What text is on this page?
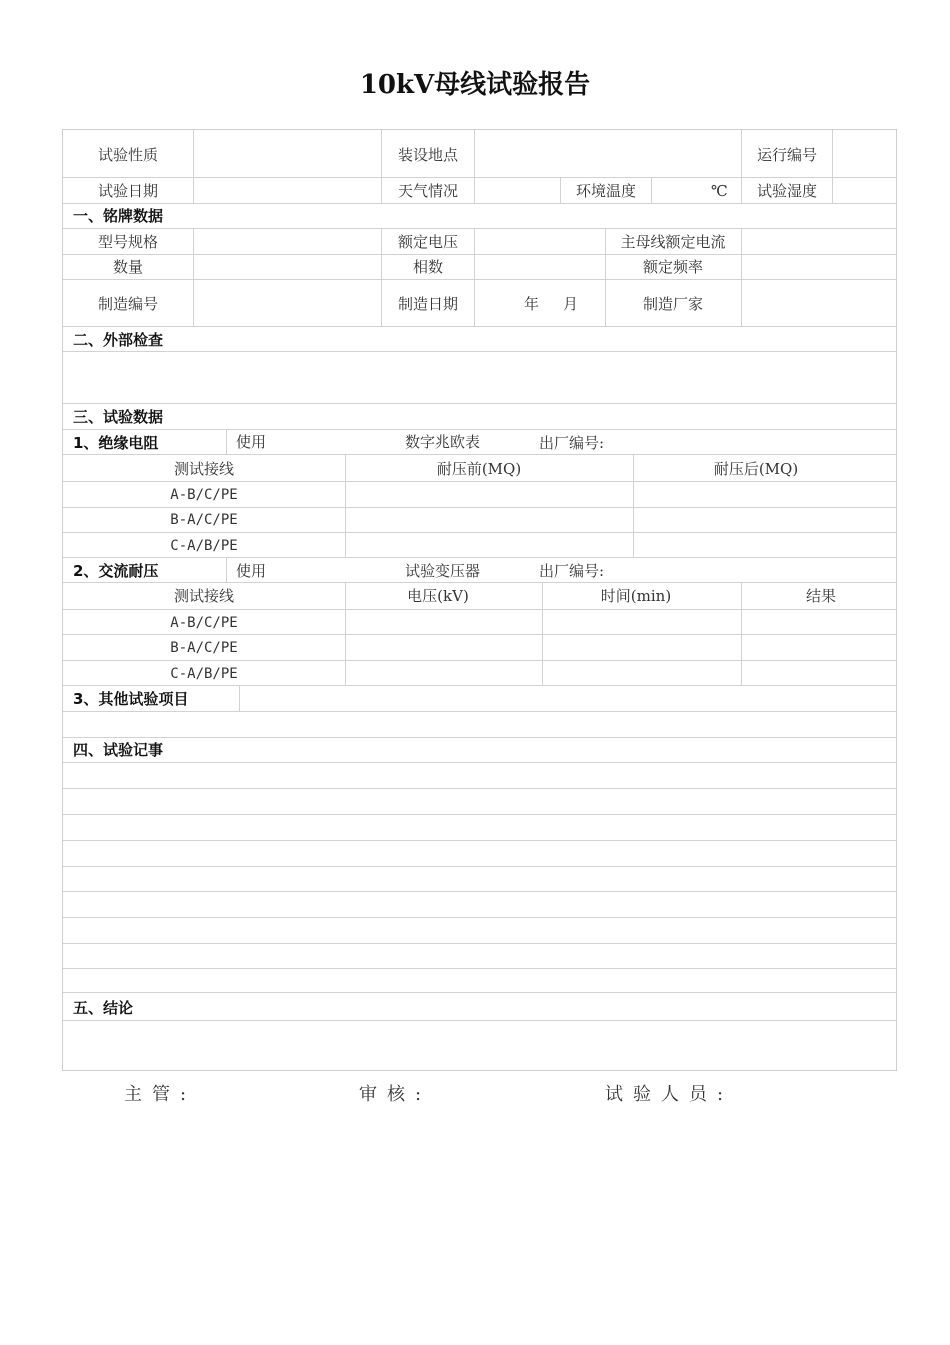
10kV母线试验报告
试验性质	装设地点	运行编号
试验日期	天气情况	环境温度	℃ 试验湿度
一、铭牌数据
型号规格	额定电压	主母线额定电流
数量	相数	额定频率
制造编号	制造日期	年 月	制造厂家
二、外部检查
三、试验数据
1、绝缘电阻	使用	数字兆欧表	出厂编号:
测试接线	耐压前(MQ)	耐压后(MQ)
A-B/C/PE
B-A/C/PE
C-A/B/PE
2、交流耐压	使用	试验变压器	出厂编号:
测试接线	电压(kV)	时间(min)	结果
A-B/C/PE
B-A/C/PE
C-A/B/PE
3、其他试验项目
四、试验记事
五、结论
主管:	审核:	试验人员:
